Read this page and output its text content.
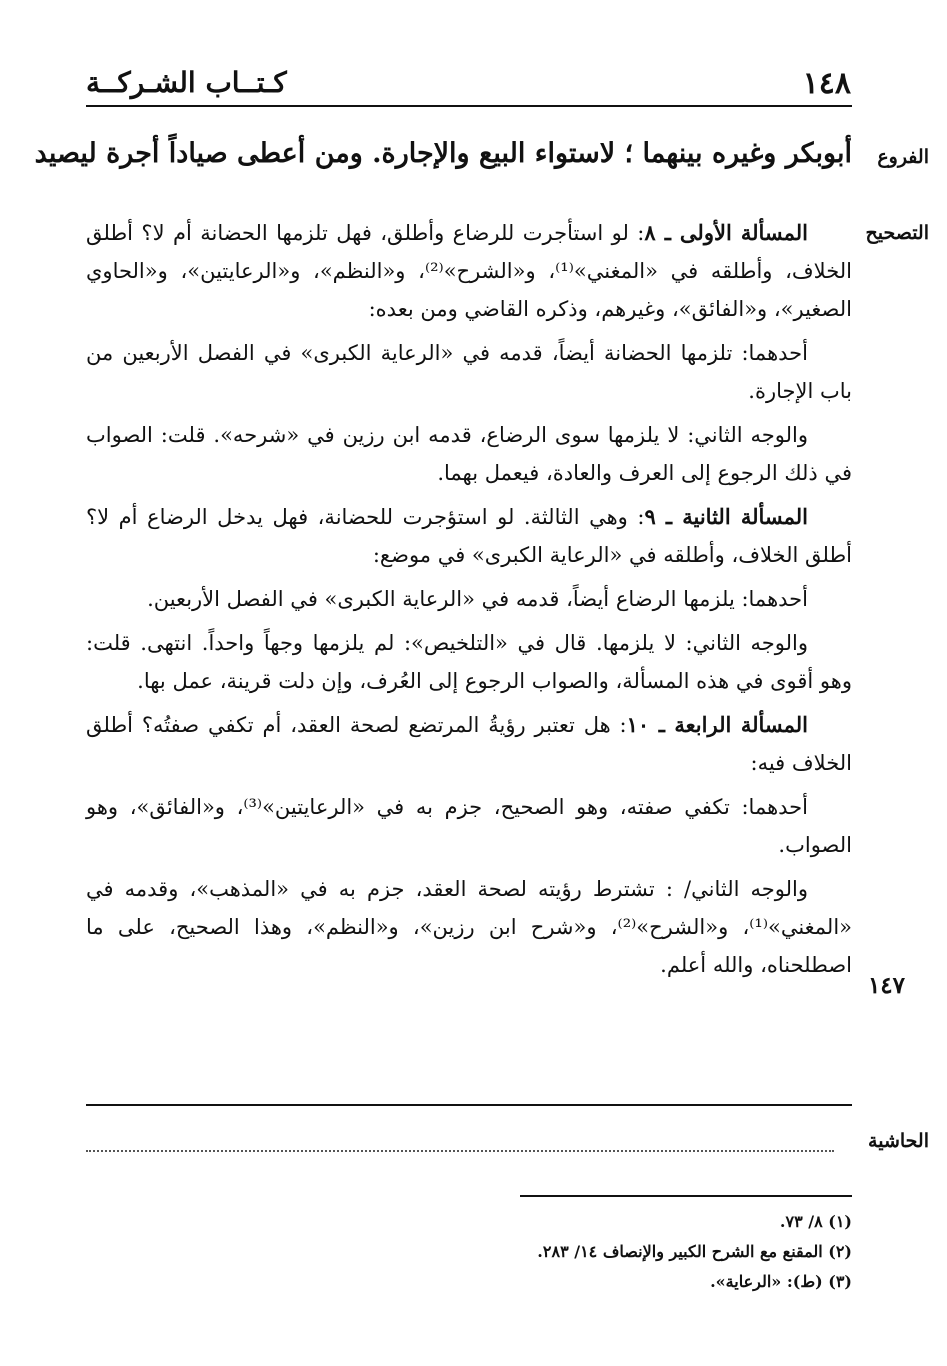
١٤٨
كـتــاب الشـركــة
الفروع
أبوبكر وغيره بينهما ؛ لاستواء البيع والإجارة. ومن أعطى صياداً أجرة ليصيد
التصحيح
١٤٧

المسألة الأولى ـ ٨: لو استأجرت للرضاع وأطلق، فهل تلزمها الحضانة أم لا؟ أطلق الخلاف، وأطلقه في «المغني»⁽¹⁾، و«الشرح»⁽²⁾، و«النظم»، و«الرعايتين»، و«الحاوي الصغير»، و«الفائق»، وغيرهم، وذكره القاضي ومن بعده:

أحدهما: تلزمها الحضانة أيضاً، قدمه في «الرعاية الكبرى» في الفصل الأربعين من باب الإجارة.

والوجه الثاني: لا يلزمها سوى الرضاع، قدمه ابن رزين في «شرحه». قلت: الصواب في ذلك الرجوع إلى العرف والعادة، فيعمل بهما.

المسألة الثانية ـ ٩: وهي الثالثة. لو استؤجرت للحضانة، فهل يدخل الرضاع أم لا؟ أطلق الخلاف، وأطلقه في «الرعاية الكبرى» في موضع:

أحدهما: يلزمها الرضاع أيضاً، قدمه في «الرعاية الكبرى» في الفصل الأربعين.

والوجه الثاني: لا يلزمها. قال في «التلخيص»: لم يلزمها وجهاً واحداً. انتهى. قلت: وهو أقوى في هذه المسألة، والصواب الرجوع إلى العُرف، وإن دلت قرينة، عمل بها.

المسألة الرابعة ـ ١٠: هل تعتبر رؤيةُ المرتضع لصحة العقد، أم تكفي صفتُه؟ أطلق الخلاف فيه:

أحدهما: تكفي صفته، وهو الصحيح، جزم به في «الرعايتين»⁽³⁾، و«الفائق»، وهو الصواب.

والوجه الثاني/ : تشترط رؤيته لصحة العقد، جزم به في «المذهب»، وقدمه في «المغني»⁽¹⁾، و«الشرح»⁽²⁾، و«شرح ابن رزين»، و«النظم»، وهذا الصحيح، على ما اصطلحناه، والله أعلم.

الحاشية
(١) ٨/ ٧٣.
(٢) المقنع مع الشرح الكبير والإنصاف ١٤/ ٢٨٣.
(٣) (ط): «الرعاية».
